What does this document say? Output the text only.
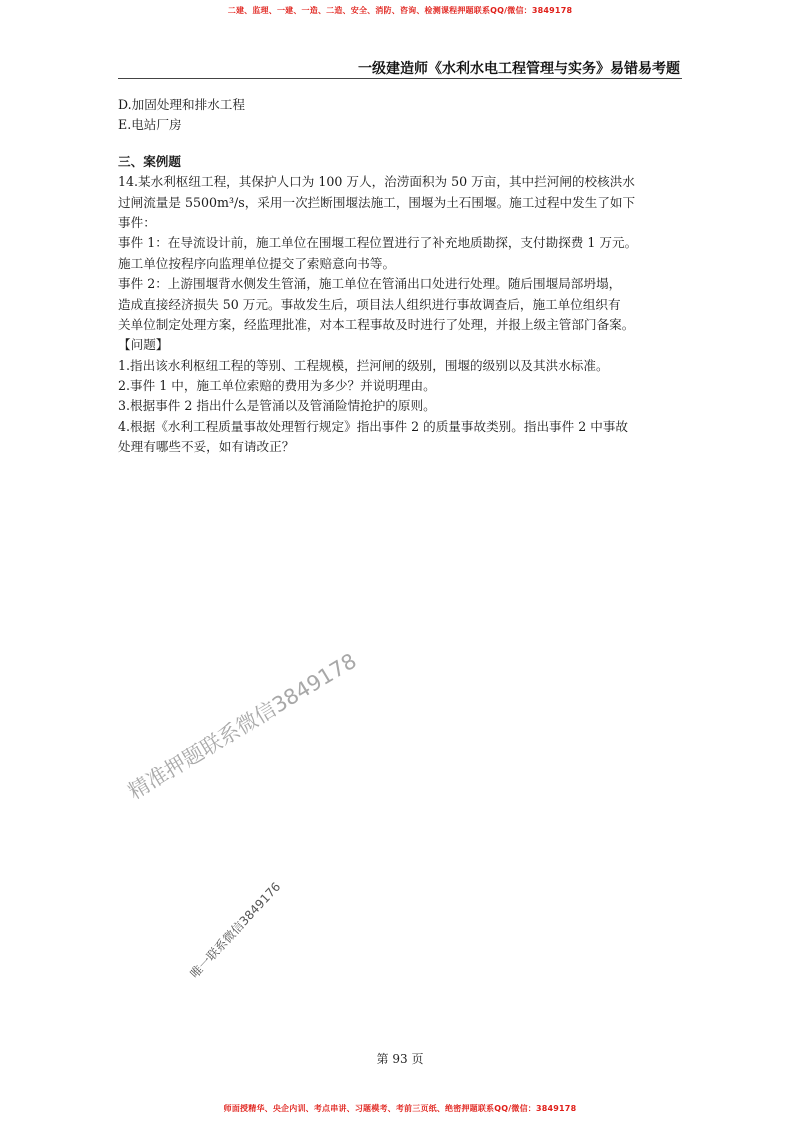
二建、监理、一建、一造、二造、安全、消防、咨询、检测课程押题联系QQ/微信：3849178
一级建造师《水利水电工程管理与实务》易错易考题
D.加固处理和排水工程
E.电站厂房
三、案例题
14.某水利枢纽工程，其保护人口为 100 万人，治涝面积为 50 万亩，其中拦河闸的校核洪水
过闸流量是 5500m³/s，采用一次拦断围堰法施工，围堰为土石围堰。施工过程中发生了如下
事件：
事件 1：在导流设计前，施工单位在围堰工程位置进行了补充地质勘探，支付勘探费 1 万元。
施工单位按程序向监理单位提交了索赔意向书等。
事件 2：上游围堰背水侧发生管涌，施工单位在管涌出口处进行处理。随后围堰局部坍塌，
造成直接经济损失 50 万元。事故发生后，项目法人组织进行事故调查后，施工单位组织有
关单位制定处理方案，经监理批准，对本工程事故及时进行了处理，并报上级主管部门备案。
【问题】
1.指出该水利枢纽工程的等别、工程规模，拦河闸的级别，围堰的级别以及其洪水标准。
2.事件 1 中，施工单位索赔的费用为多少？并说明理由。
3.根据事件 2 指出什么是管涌以及管涌险情抢护的原则。
4.根据《水利工程质量事故处理暂行规定》指出事件 2 的质量事故类别。指出事件 2 中事故
处理有哪些不妥，如有请改正？
精准押题联系微信3849178
唯一联系微信3849176
第 93 页
师面授精华、央企内训、考点串讲、习题模考、考前三页纸、绝密押题联系QQ/微信：3849178
